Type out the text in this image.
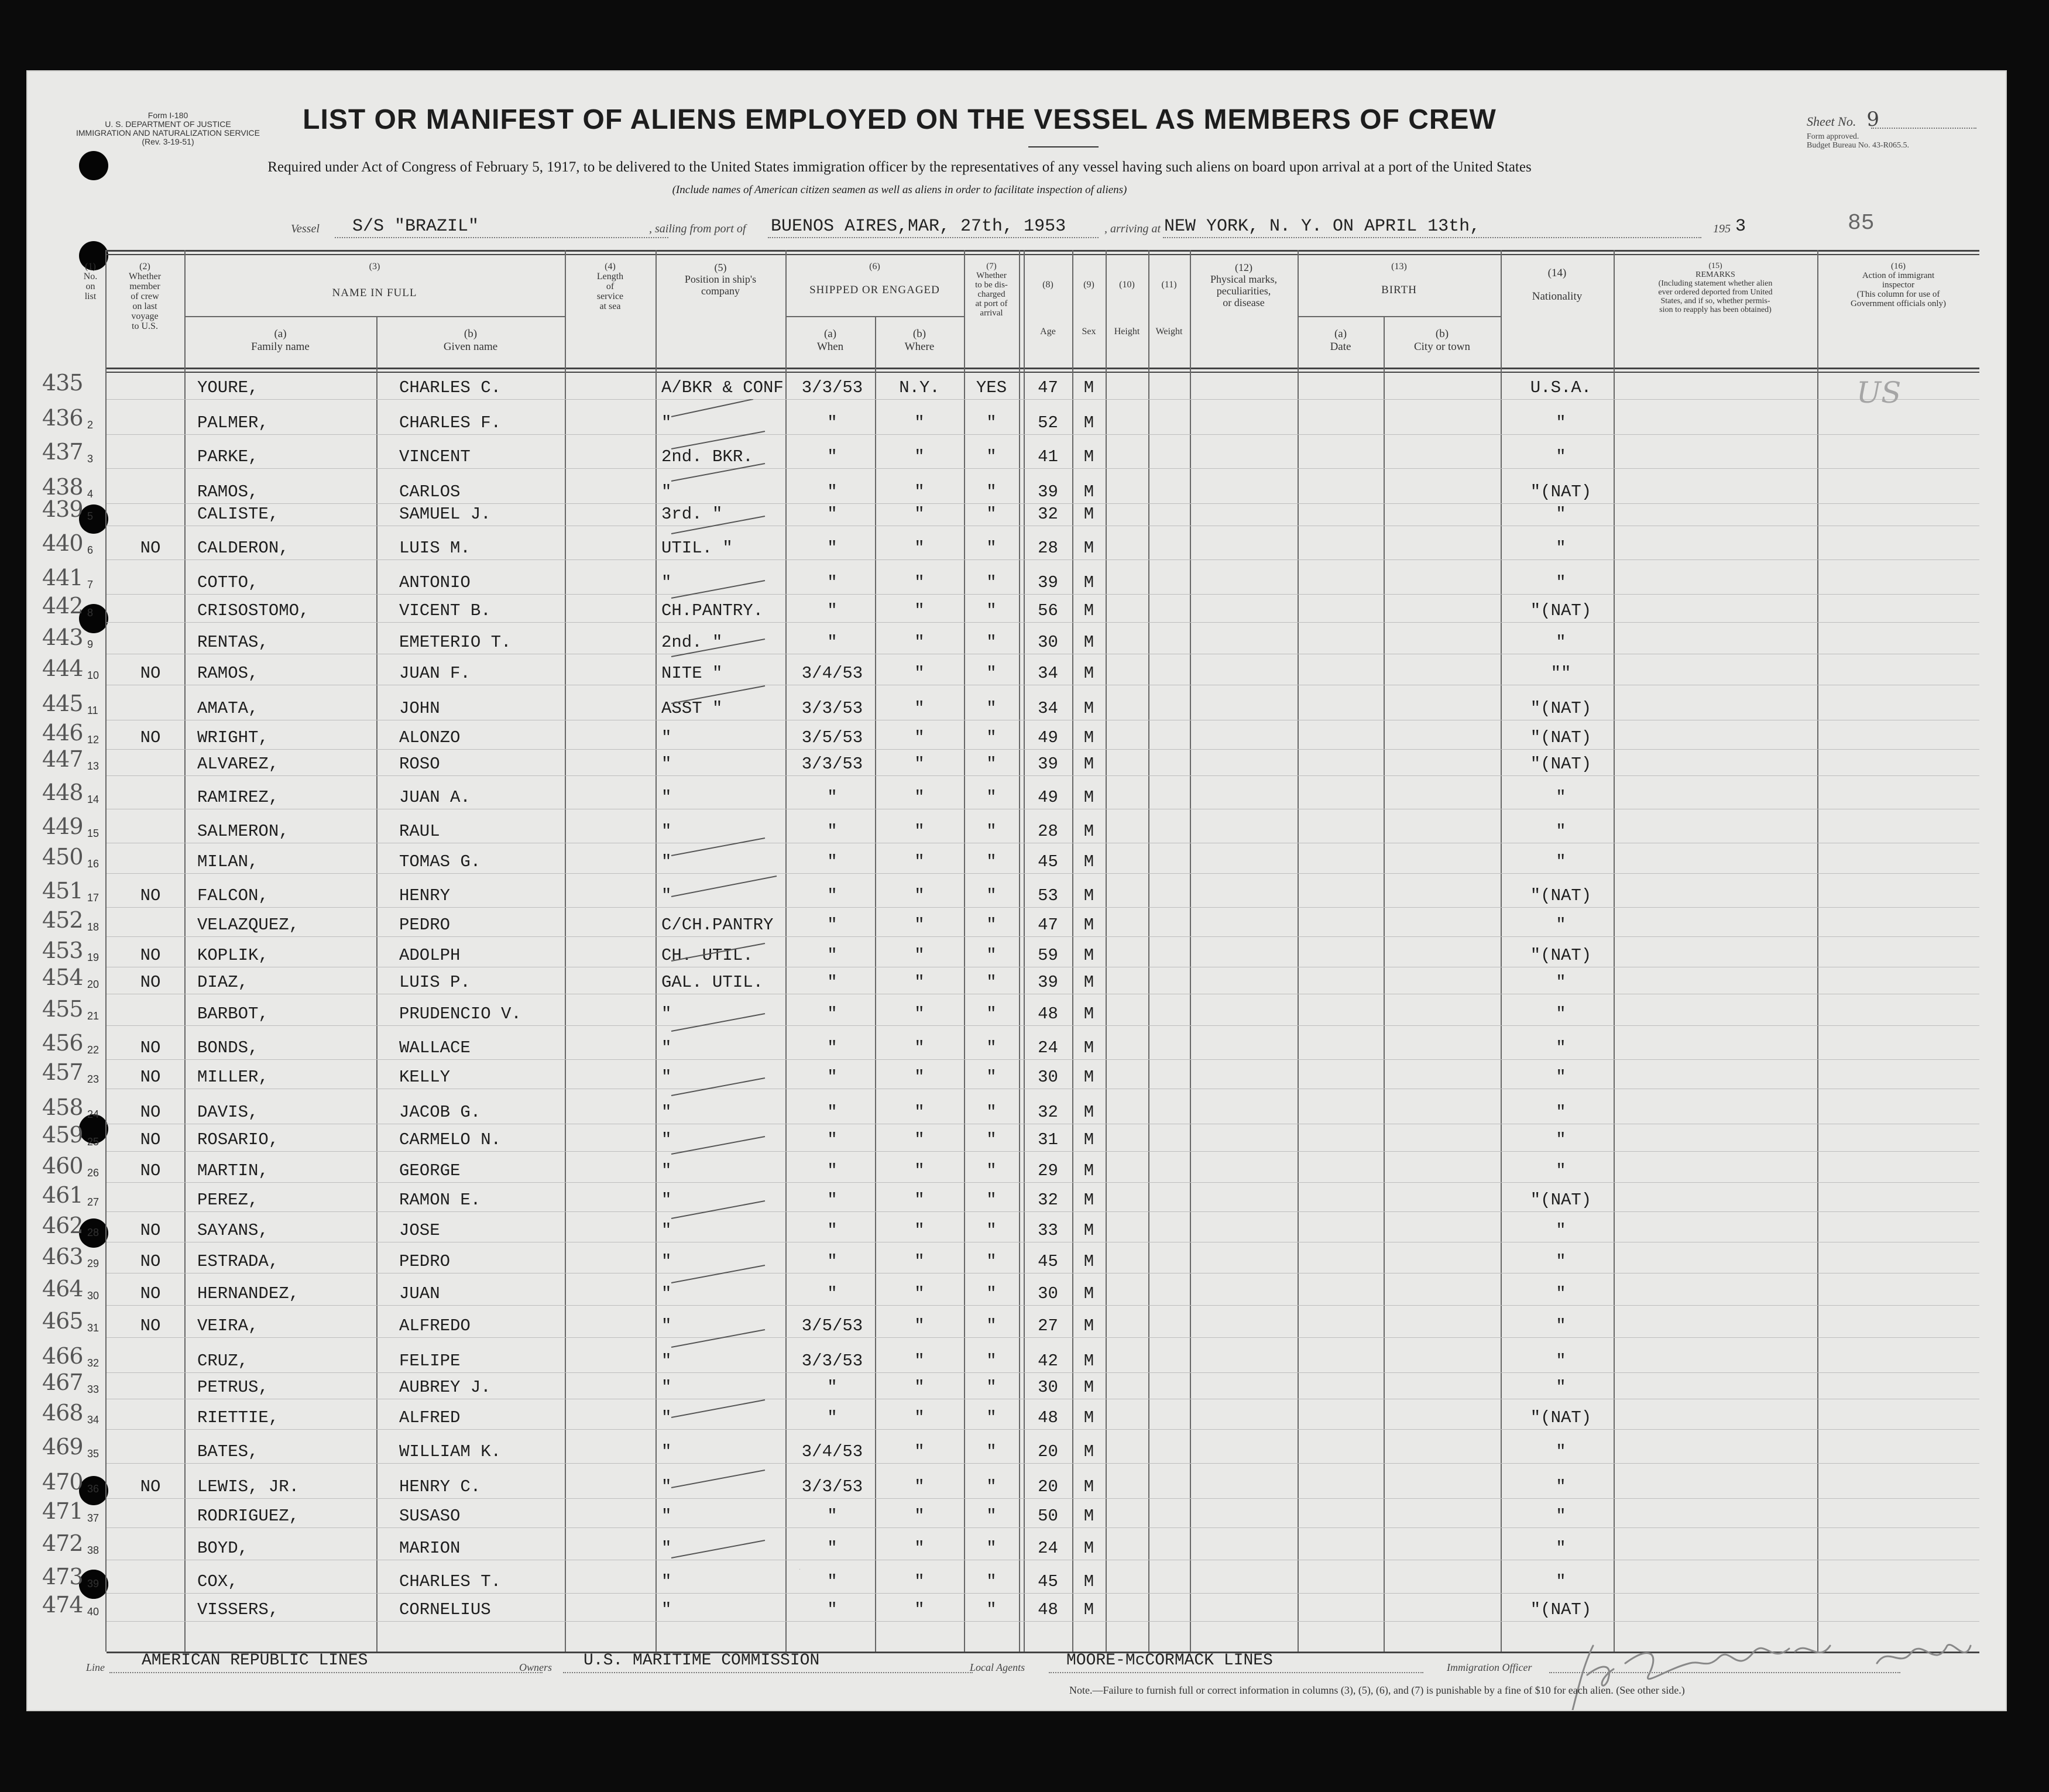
Form I-180
U. S. DEPARTMENT OF JUSTICE
IMMIGRATION AND NATURALIZATION SERVICE
(Rev. 3-19-51)
LIST OR MANIFEST OF ALIENS EMPLOYED ON THE VESSEL AS MEMBERS OF CREW
Required under Act of Congress of February 5, 1917, to be delivered to the United States immigration officer by the representatives of any vessel having such aliens on board upon arrival at a port of the United States
(Include names of American citizen seamen as well as aliens in order to facilitate inspection of aliens)
Sheet No. 9
Form approved.
Budget Bureau No. 43-R065.5.
85
Vessel S/S "BRAZIL"	, sailing from port of BUENOS AIRES,MAR, 27th, 1953	, arriving at NEW YORK, N. Y. ON APRIL 13th,	195 3
(1)
No.
on
list
(2)
Whether
member
of crew
on last
voyage
to U.S.
(3)
NAME IN FULL
(a)
Family name
(b)
Given name
(4)
Length
of
service
at sea
(5)
Position in ship's
company
(6)
SHIPPED OR ENGAGED
(a)
When
(b)
Where
(7)
Whether
to be dis-
charged
at port of
arrival
(8)
Age
(9)
Sex
(10)
Height
(11)
Weight
(12)
Physical marks,
peculiarities,
or disease
(13)
BIRTH
(a)
Date
(b)
City or town
(14)
Nationality
(15)
REMARKS
(Including statement whether alien
ever ordered deported from United
States, and if so, whether permis-
sion to reapply has been obtained)
(16)
Action of immigrant
inspector
(This column for use of
Government officials only)
435	YOURE,	CHARLES C.	A/BKR & CONF	3/3/53	N.Y.	YES	47	M	U.S.A.
436 2	PALMER,	CHARLES F.	"	"	"	"	52	M	"
437 3	PARKE,	VINCENT	2nd. BKR.	"	"	"	41	M	"
438 4	RAMOS,	CARLOS	"	"	"	"	39	M	"(NAT)
439 5	CALISTE,	SAMUEL J.	3rd. "	"	"	"	32	M	"
440 6	NO	CALDERON,	LUIS M.	UTIL. "	"	"	"	28	M	"
441 7	COTTO,	ANTONIO	"	"	"	"	39	M	"
442 8	CRISOSTOMO,	VICENT B.	CH.PANTRY.	"	"	"	56	M	"(NAT)
443 9	RENTAS,	EMETERIO T.	2nd. "	"	"	"	30	M	"
444 10	NO	RAMOS,	JUAN F.	NITE "	3/4/53	"	"	34	M	""
445 11	AMATA,	JOHN	ASST "	3/3/53	"	"	34	M	"(NAT)
446 12	NO	WRIGHT,	ALONZO	"	3/5/53	"	"	49	M	"(NAT)
447 13	ALVAREZ,	ROSO	"	3/3/53	"	"	39	M	"(NAT)
448 14	RAMIREZ,	JUAN A.	"	"	"	"	49	M	"
449 15	SALMERON,	RAUL	"	"	"	"	28	M	"
450 16	MILAN,	TOMAS G.	"	"	"	"	45	M	"
451 17	NO	FALCON,	HENRY	"	"	"	"	53	M	"(NAT)
452 18	VELAZQUEZ,	PEDRO	C/CH.PANTRY	"	"	"	47	M	"
453 19	NO	KOPLIK,	ADOLPH	CH. UTIL.	"	"	"	59	M	"(NAT)
454 20	NO	DIAZ,	LUIS P.	GAL. UTIL.	"	"	"	39	M	"
455 21	BARBOT,	PRUDENCIO V.	"	"	"	"	48	M	"
456 22	NO	BONDS,	WALLACE	"	"	"	"	24	M	"
457 23	NO	MILLER,	KELLY	"	"	"	"	30	M	"
458 24	NO	DAVIS,	JACOB G.	"	"	"	"	32	M	"
459 25	NO	ROSARIO,	CARMELO N.	"	"	"	"	31	M	"
460 26	NO	MARTIN,	GEORGE	"	"	"	"	29	M	"
461 27	PEREZ,	RAMON E.	"	"	"	"	32	M	"(NAT)
462 28	NO	SAYANS,	JOSE	"	"	"	"	33	M	"
463 29	NO	ESTRADA,	PEDRO	"	"	"	"	45	M	"
464 30	NO	HERNANDEZ,	JUAN	"	"	"	"	30	M	"
465 31	NO	VEIRA,	ALFREDO	"	3/5/53	"	"	27	M	"
466 32	CRUZ,	FELIPE	"	3/3/53	"	"	42	M	"
467 33	PETRUS,	AUBREY J.	"	"	"	"	30	M	"
468 34	RIETTIE,	ALFRED	"	"	"	"	48	M	"(NAT)
469 35	BATES,	WILLIAM K.	"	3/4/53	"	"	20	M	"
470 36	NO	LEWIS, JR.	HENRY C.	"	3/3/53	"	"	20	M	"
471 37	RODRIGUEZ,	SUSASO	"	"	"	"	50	M	"
472 38	BOYD,	MARION	"	"	"	"	24	M	"
473 39	COX,	CHARLES T.	"	"	"	"	45	M	"
474 40	VISSERS,	CORNELIUS	"	"	"	"	48	M	"(NAT)
US
Line AMERICAN REPUBLIC LINES	Owners U.S. MARITIME COMMISSION	Local Agents	MOORE-McCORMACK LINES	Immigration Officer
Note.—Failure to furnish full or correct information in columns (3), (5), (6), and (7) is punishable by a fine of $10 for each alien. (See other side.)
